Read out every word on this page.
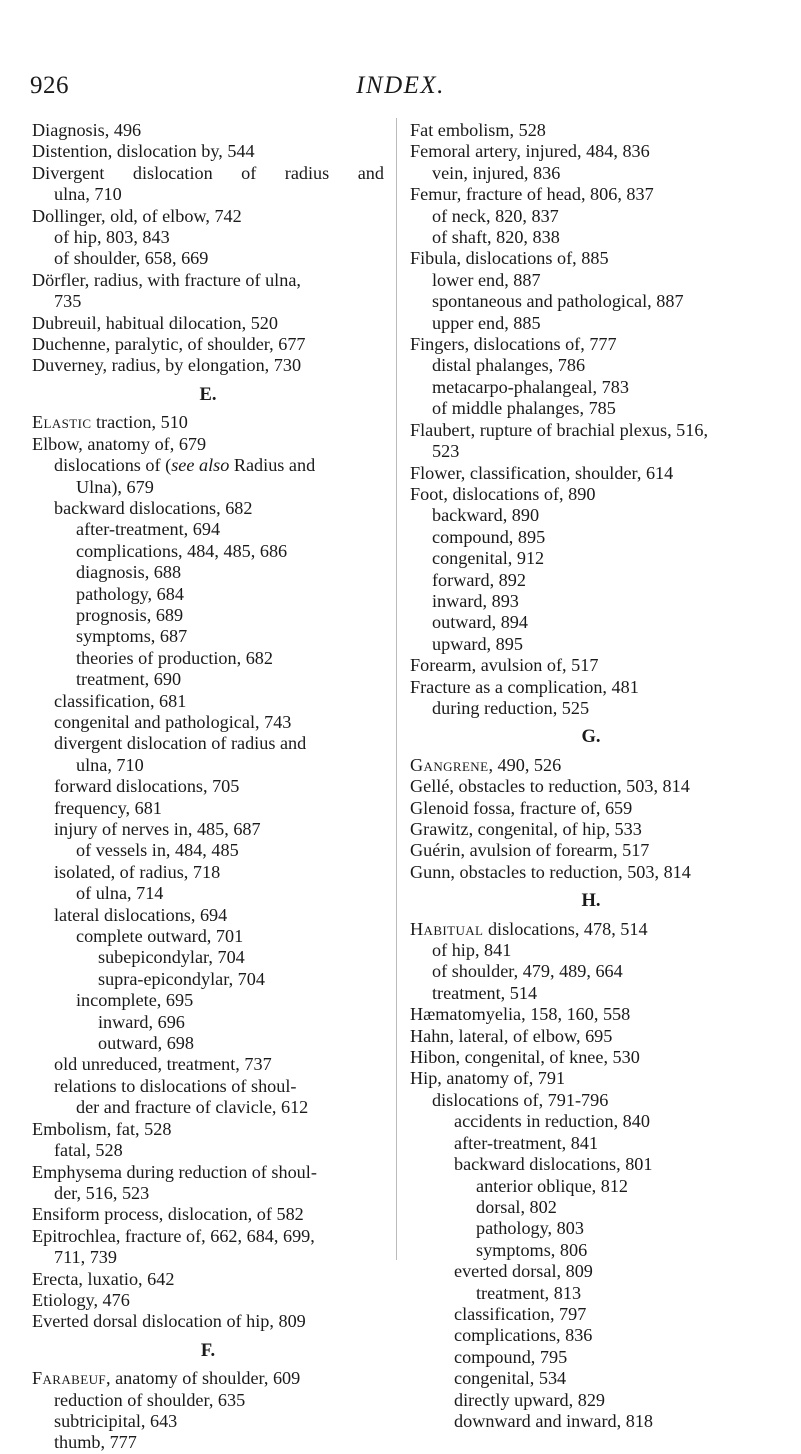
926	INDEX.
Diagnosis, 496
Distention, dislocation by, 544
Divergent dislocation of radius and
ulna, 710
Dollinger, old, of elbow, 742
of hip, 803, 843
of shoulder, 658, 669
Dörfler, radius, with fracture of ulna,
735
Dubreuil, habitual dilocation, 520
Duchenne, paralytic, of shoulder, 677
Duverney, radius, by elongation, 730
E.
Elastic traction, 510
Elbow, anatomy of, 679
dislocations of (see also Radius and
Ulna), 679
backward dislocations, 682
after-treatment, 694
complications, 484, 485, 686
diagnosis, 688
pathology, 684
prognosis, 689
symptoms, 687
theories of production, 682
treatment, 690
classification, 681
congenital and pathological, 743
divergent dislocation of radius and
ulna, 710
forward dislocations, 705
frequency, 681
injury of nerves in, 485, 687
of vessels in, 484, 485
isolated, of radius, 718
of ulna, 714
lateral dislocations, 694
complete outward, 701
subepicondylar, 704
supra-epicondylar, 704
incomplete, 695
inward, 696
outward, 698
old unreduced, treatment, 737
relations to dislocations of shoul-
der and fracture of clavicle, 612
Embolism, fat, 528
fatal, 528
Emphysema during reduction of shoul-
der, 516, 523
Ensiform process, dislocation, of 582
Epitrochlea, fracture of, 662, 684, 699,
711, 739
Erecta, luxatio, 642
Etiology, 476
Everted dorsal dislocation of hip, 809
F.
Farabeuf, anatomy of shoulder, 609
reduction of shoulder, 635
subtricipital, 643
thumb, 777
Fat embolism, 528
Femoral artery, injured, 484, 836
vein, injured, 836
Femur, fracture of head, 806, 837
of neck, 820, 837
of shaft, 820, 838
Fibula, dislocations of, 885
lower end, 887
spontaneous and pathological, 887
upper end, 885
Fingers, dislocations of, 777
distal phalanges, 786
metacarpo-phalangeal, 783
of middle phalanges, 785
Flaubert, rupture of brachial plexus, 516,
523
Flower, classification, shoulder, 614
Foot, dislocations of, 890
backward, 890
compound, 895
congenital, 912
forward, 892
inward, 893
outward, 894
upward, 895
Forearm, avulsion of, 517
Fracture as a complication, 481
during reduction, 525
G.
Gangrene, 490, 526
Gellé, obstacles to reduction, 503, 814
Glenoid fossa, fracture of, 659
Grawitz, congenital, of hip, 533
Guérin, avulsion of forearm, 517
Gunn, obstacles to reduction, 503, 814
H.
Habitual dislocations, 478, 514
of hip, 841
of shoulder, 479, 489, 664
treatment, 514
Hæmatomyelia, 158, 160, 558
Hahn, lateral, of elbow, 695
Hibon, congenital, of knee, 530
Hip, anatomy of, 791
dislocations of, 791-796
accidents in reduction, 840
after-treatment, 841
backward dislocations, 801
anterior oblique, 812
dorsal, 802
pathology, 803
symptoms, 806
everted dorsal, 809
treatment, 813
classification, 797
complications, 836
compound, 795
congenital, 534
directly upward, 829
downward and inward, 818
